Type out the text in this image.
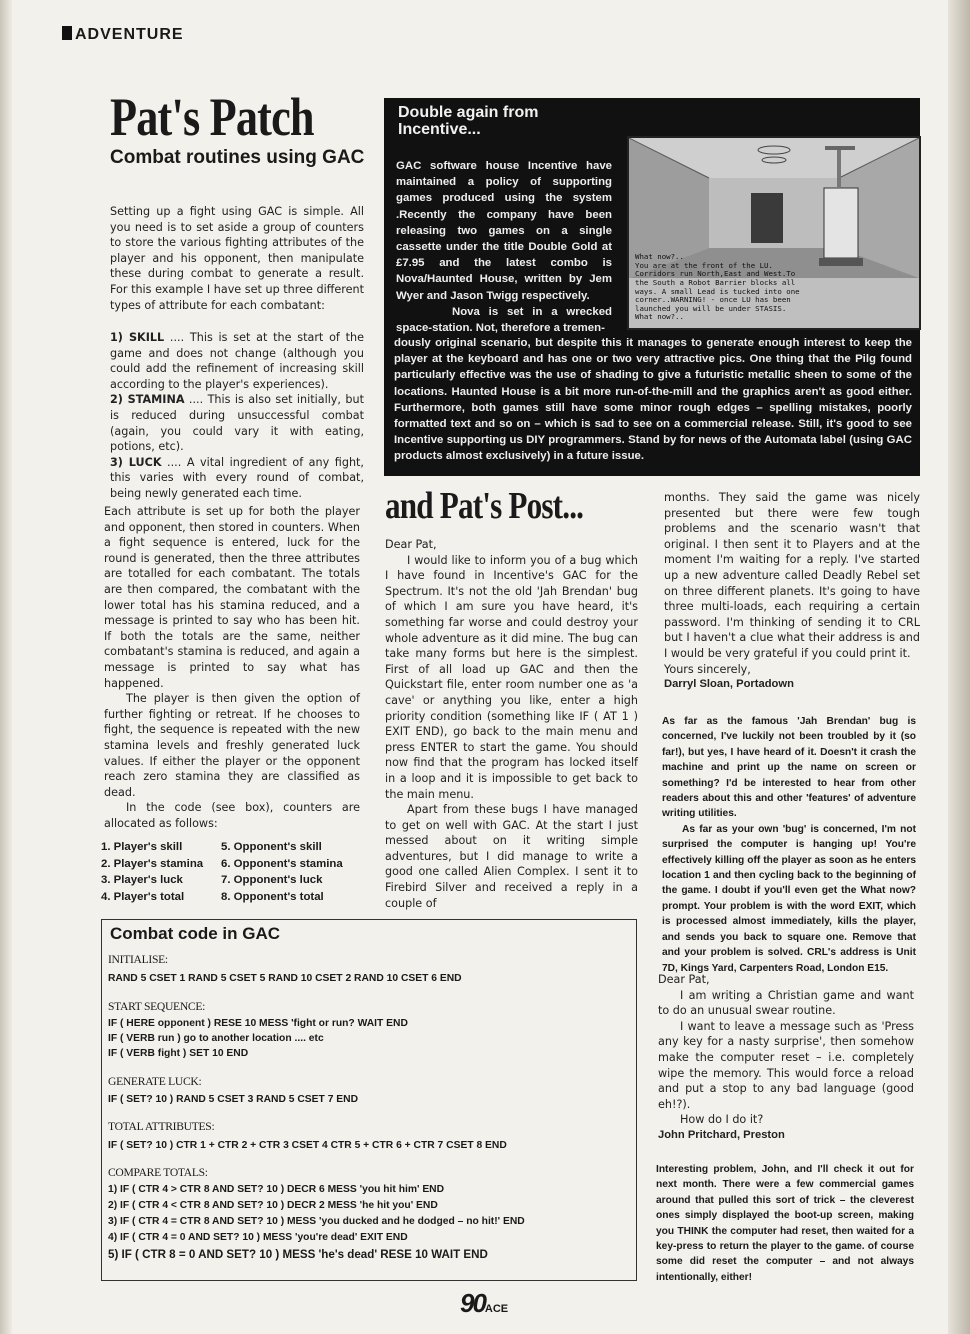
ADVENTURE
Pat's Patch
Combat routines using GAC

Setting up a fight using GAC is simple. All you need is to set aside a group of counters to store the various fighting attributes of the player and his opponent, then manipulate these during combat to generate a result. For this example I have set up three different types of attribute for each combatant:

1) SKILL .... This is set at the start of the game and does not change (although you could add the refinement of increasing skill according to the player's experiences).

2) STAMINA .... This is also set initially, but is reduced during unsuccessful combat (again, you could vary it with eating, potions, etc).

3) LUCK .... A vital ingredient of any fight, this varies with every round of combat, being newly generated each time.

Each attribute is set up for both the player and opponent, then stored in counters. When a fight sequence is entered, luck for the round is generated, then the three attributes are totalled for each combatant. The totals are then compared, the combatant with the lower total has his stamina reduced, and a message is printed to say who has been hit. If both the totals are the same, neither combatant's stamina is reduced, and again a message is printed to say what has happened.

The player is then given the option of further fighting or retreat. If he chooses to fight, the sequence is repeated with the new stamina levels and freshly generated luck values. If either the player or the opponent reach zero stamina they are classified as dead.

In the code (see box), counters are allocated as follows:

1. Player's skill	5. Opponent's skill
2. Player's stamina	6. Opponent's stamina
3. Player's luck	7. Opponent's luck
4. Player's total	8. Opponent's total
Double again from Incentive...
GAC software house Incentive have maintained a policy of supporting games produced using the system .Recently the company have been releasing two games on a single cassette under the title Double Gold at £7.95 and the latest combo is Nova/Haunted House, written by Jem Wyer and Jason Twigg respectively.
Nova is set in a wrecked space-station. Not, therefore a tremen-
What now?..
You are at the front of the LU.
Corridors run North,East and West.To
the South a Robot Barrier blocks all
ways. A small Lead is tucked into one
corner..WARNING! - once LU has been
launched you will be under STASIS.
What now?..
dously original scenario, but despite this it manages to generate enough interest to keep the player at the keyboard and has one or two very attractive pics. One thing that the Pilg found particularly effective was the use of shading to give a futuristic metallic sheen to some of the locations. Haunted House is a bit more run-of-the-mill and the graphics aren't as good either. Furthermore, both games still have some minor rough edges – spelling mistakes, poorly formatted text and so on – which is sad to see on a commercial release. Still, it's good to see Incentive supporting us DIY programmers. Stand by for news of the Automata label (using GAC products almost exclusively) in a future issue.
and Pat's Post...

Dear Pat,

I would like to inform you of a bug which I have found in Incentive's GAC for the Spectrum. It's not the old 'Jah Brendan' bug of which I am sure you have heard, it's something far worse and could destroy your whole adventure as it did mine. The bug can take many forms but here is the simplest. First of all load up GAC and then the Quickstart file, enter room number one as 'a cave' or anything you like, enter a high priority condition (something like IF ( AT 1 ) EXIT END), go back to the main menu and press ENTER to start the game. You should now find that the program has locked itself in a loop and it is impossible to get back to the main menu.

Apart from these bugs I have managed to get on well with GAC. At the start I just messed about on it writing simple adventures, but I did manage to write a good one called Alien Complex. I sent it to Firebird Silver and received a reply in a couple of

months. They said the game was nicely presented but there were few tough problems and the scenario wasn't that original. I then sent it to Players and at the moment I'm waiting for a reply. I've started up a new adventure called Deadly Rebel set on three different planets. It's going to have three multi-loads, each requiring a certain password. I'm thinking of sending it to CRL but I haven't a clue what their address is and I would be very grateful if you could print it.

Yours sincerely,

Darryl Sloan, Portadown

As far as the famous 'Jah Brendan' bug is concerned, I've luckily not been troubled by it (so far!), but yes, I have heard of it. Doesn't it crash the machine and print up the name on screen or something? I'd be interested to hear from other readers about this and other 'features' of adventure writing utilities.

As far as your own 'bug' is concerned, I'm not surprised the computer is hanging up! You're effectively killing off the player as soon as he enters location 1 and then cycling back to the beginning of the game. I doubt if you'll even get the What now? prompt. Your problem is with the word EXIT, which is processed almost immediately, kills the player, and sends you back to square one. Remove that and your problem is solved. CRL's address is Unit 7D, Kings Yard, Carpenters Road, London E15.

Dear Pat,

I am writing a Christian game and want to do an unusual swear routine.

I want to leave a message such as 'Press any key for a nasty surprise', then somehow make the computer reset – i.e. completely wipe the memory. This would force a reload and put a stop to any bad language (good eh!?).

How do I do it?

John Pritchard, Preston

Interesting problem, John, and I'll check it out for next month. There were a few commercial games around that pulled this sort of trick – the cleverest ones simply displayed the boot-up screen, making you THINK the computer had reset, then waited for a key-press to return the player to the game. of course some did reset the computer – and not always intentionally, either!
Combat code in GAC
INITIALISE:
RAND 5 CSET 1 RAND 5 CSET 5 RAND 10 CSET 2 RAND 10 CSET 6 END
START SEQUENCE:
IF ( HERE opponent ) RESE 10 MESS 'fight or run? WAIT END
IF ( VERB run ) go to another location .... etc
IF ( VERB fight ) SET 10 END
GENERATE LUCK:
IF ( SET? 10 ) RAND 5 CSET 3 RAND 5 CSET 7 END
TOTAL ATTRIBUTES:
IF ( SET? 10 ) CTR 1 + CTR 2 + CTR 3 CSET 4 CTR 5 + CTR 6 + CTR 7 CSET 8 END
COMPARE TOTALS:
1) IF ( CTR 4 > CTR 8 AND SET? 10 ) DECR 6 MESS 'you hit him' END
2) IF ( CTR 4 < CTR 8 AND SET? 10 ) DECR 2 MESS 'he hit you' END
3) IF ( CTR 4 = CTR 8 AND SET? 10 ) MESS 'you ducked and he dodged – no hit!' END
4) IF ( CTR 4 = 0 AND SET? 10 ) MESS 'you're dead' EXIT END
5) IF ( CTR 8 = 0 AND SET? 10 ) MESS 'he's dead' RESE 10 WAIT END
90ACE
